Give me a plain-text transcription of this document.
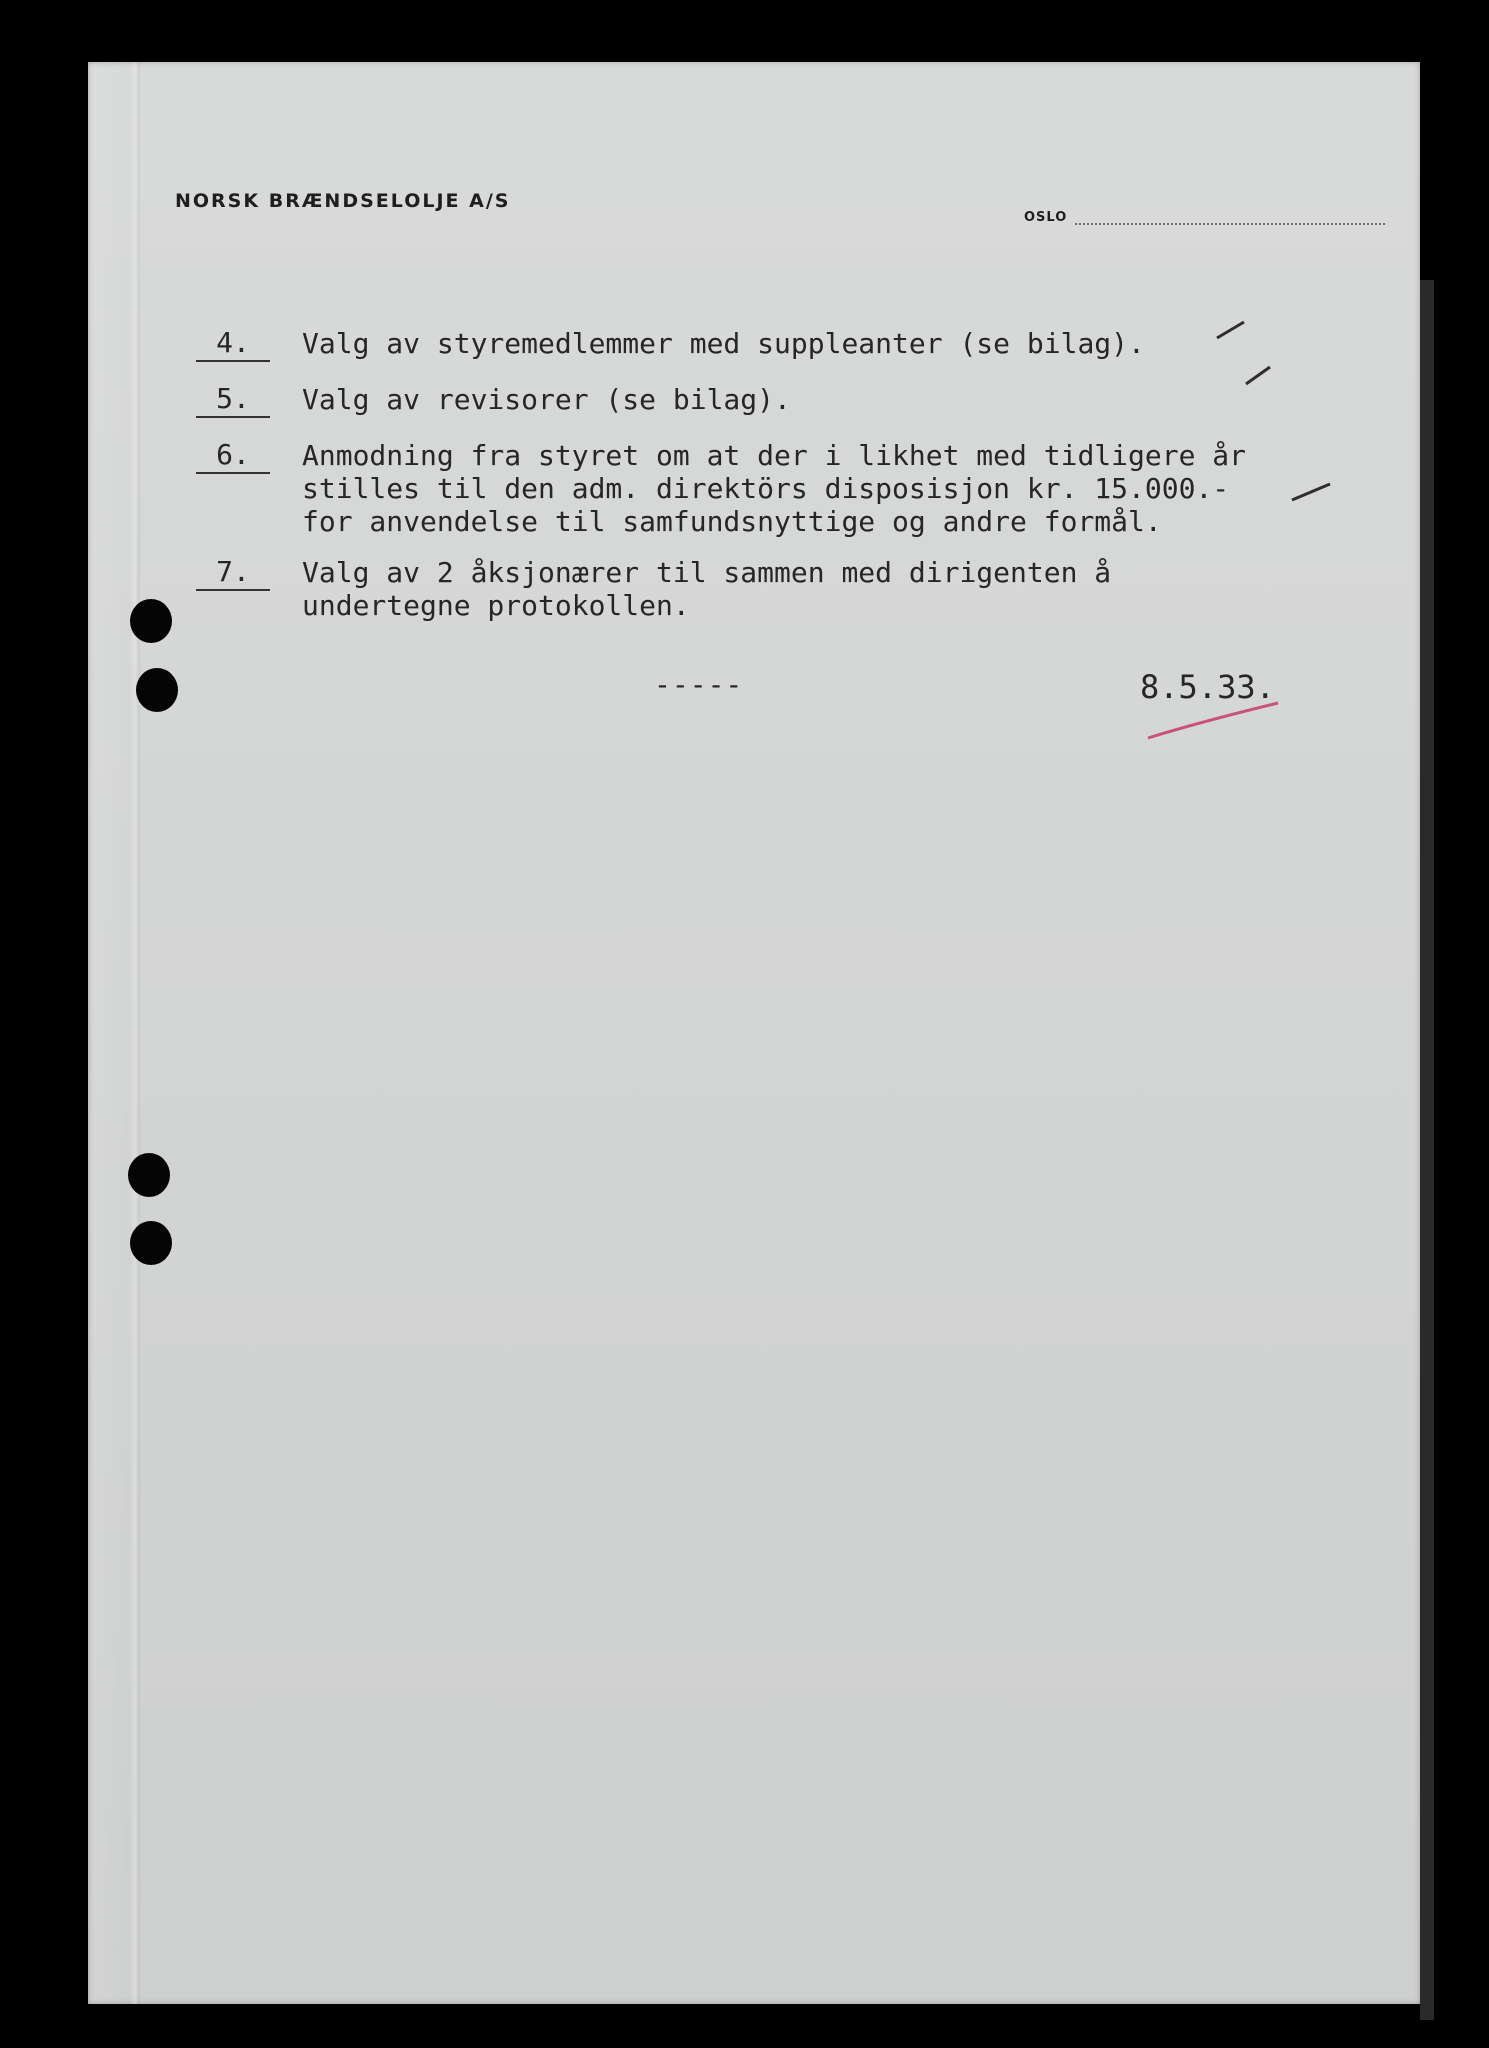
NORSK BRÆNDSELOLJE A/S
OSLO

4.

	Valg av styremedlemmer med suppleanter (se bilag).

5.

	Valg av revisorer (se bilag).

6.

	Anmodning fra styret om at der i likhet med tidligere år

stilles til den adm. direktörs disposisjon kr. 15.000.-

for anvendelse til samfundsnyttige og andre formål.

7.

	Valg av 2 åksjonærer til sammen med dirigenten å

undertegne protokollen.

-----	8.5.33.
